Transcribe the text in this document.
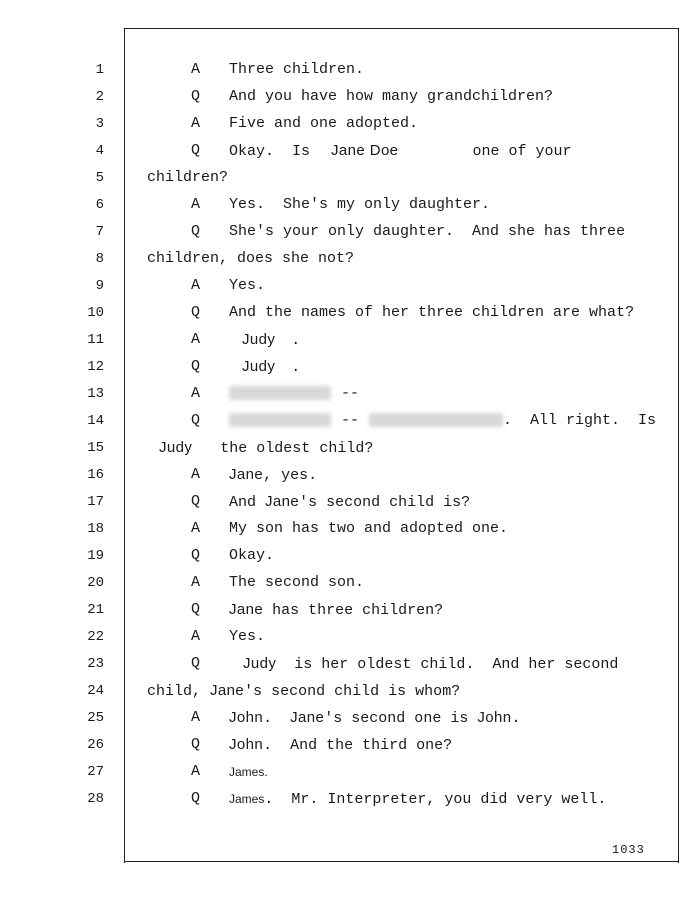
1	A	Three children.
2	Q	And you have how many grandchildren?
3	A	Five and one adopted.
4	Q	Okay.  Is Jane Doe	one of your
5	children?
6	A	Yes.  She's my only daughter.
7	Q	She's your only daughter.  And she has three
8	children, does she not?
9	A	Yes.
10	Q	And the names of her three children are what?
11	A	Judy .
12	Q	Judy .
13	A	--
14	Q	--	.  All right.  Is
15	Judy the oldest child?
16	A	Jane, yes.
17	Q	And Jane's second child is?
18	A	My son has two and adopted one.
19	Q	Okay.
20	A	The second son.
21	Q	Jane has three children?
22	A	Yes.
23	Q	Judy  is her oldest child.  And her second
24	child, Jane's second child is whom?
25	A	John.  Jane's second one is John.
26	Q	John.  And the third one?
27	A	James.
28	Q	James.  Mr. Interpreter, you did very well.
1033
